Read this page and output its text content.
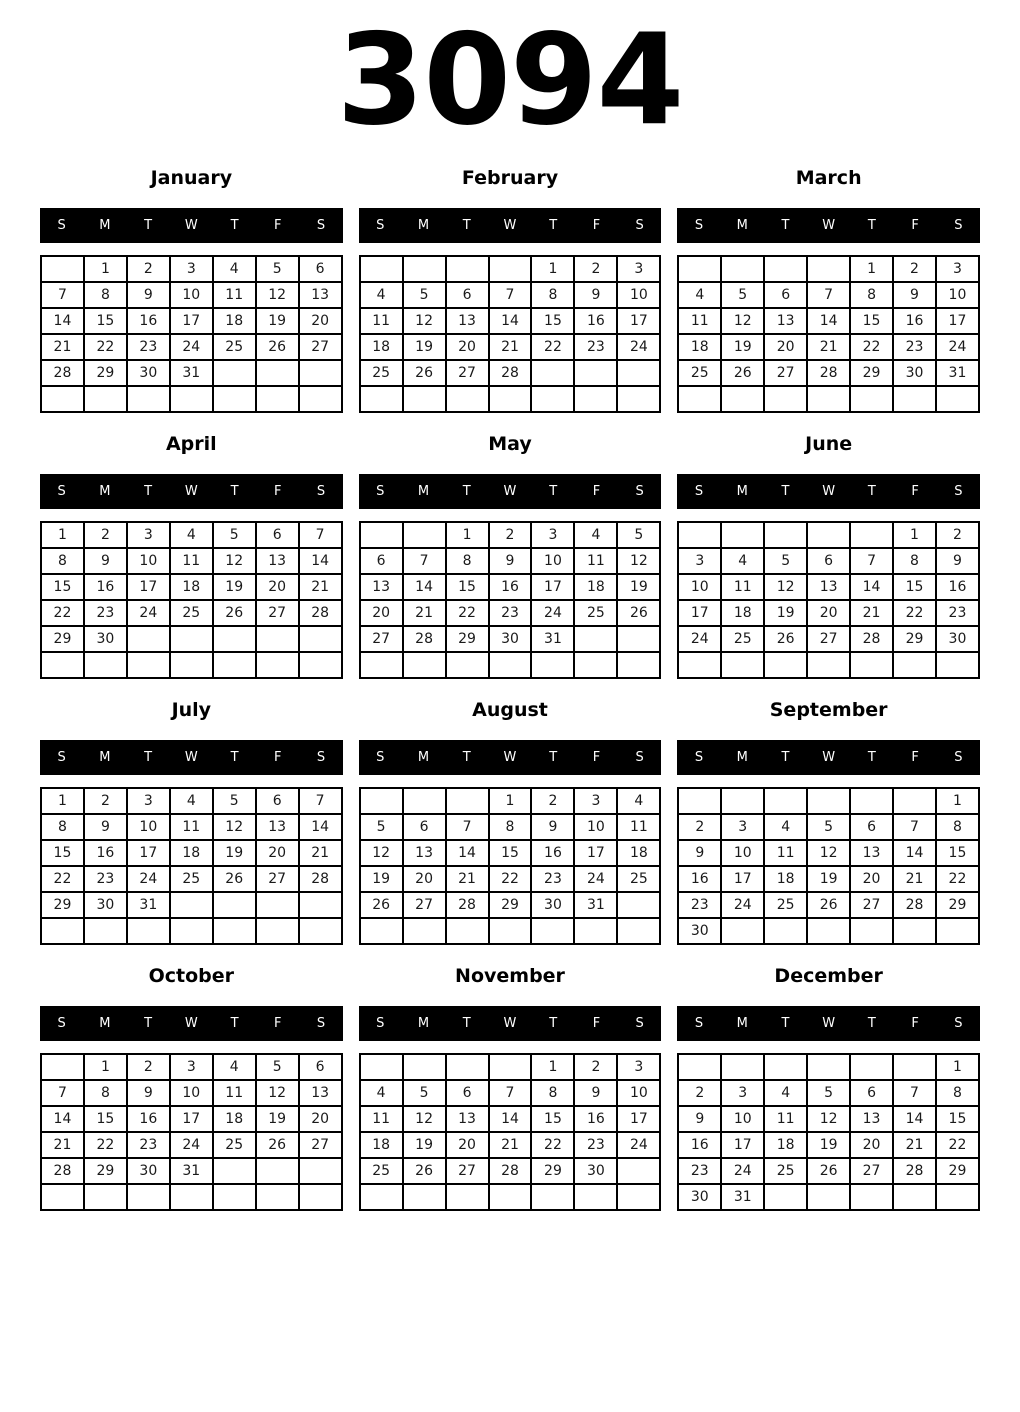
3094
January
S	M	T	W	T	F	S
	1	2	3	4	5	6
7	8	9	10	11	12	13
14	15	16	17	18	19	20
21	22	23	24	25	26	27
28	29	30	31			

February
S	M	T	W	T	F	S
				1	2	3
4	5	6	7	8	9	10
11	12	13	14	15	16	17
18	19	20	21	22	23	24
25	26	27	28			

March
S	M	T	W	T	F	S
				1	2	3
4	5	6	7	8	9	10
11	12	13	14	15	16	17
18	19	20	21	22	23	24
25	26	27	28	29	30	31

April
S	M	T	W	T	F	S
1	2	3	4	5	6	7
8	9	10	11	12	13	14
15	16	17	18	19	20	21
22	23	24	25	26	27	28
29	30					

May
S	M	T	W	T	F	S
		1	2	3	4	5
6	7	8	9	10	11	12
13	14	15	16	17	18	19
20	21	22	23	24	25	26
27	28	29	30	31		

June
S	M	T	W	T	F	S
					1	2
3	4	5	6	7	8	9
10	11	12	13	14	15	16
17	18	19	20	21	22	23
24	25	26	27	28	29	30

July
S	M	T	W	T	F	S
1	2	3	4	5	6	7
8	9	10	11	12	13	14
15	16	17	18	19	20	21
22	23	24	25	26	27	28
29	30	31				

August
S	M	T	W	T	F	S
			1	2	3	4
5	6	7	8	9	10	11
12	13	14	15	16	17	18
19	20	21	22	23	24	25
26	27	28	29	30	31	

September
S	M	T	W	T	F	S
						1
2	3	4	5	6	7	8
9	10	11	12	13	14	15
16	17	18	19	20	21	22
23	24	25	26	27	28	29
30						
October
S	M	T	W	T	F	S
	1	2	3	4	5	6
7	8	9	10	11	12	13
14	15	16	17	18	19	20
21	22	23	24	25	26	27
28	29	30	31			

November
S	M	T	W	T	F	S
				1	2	3
4	5	6	7	8	9	10
11	12	13	14	15	16	17
18	19	20	21	22	23	24
25	26	27	28	29	30	

December
S	M	T	W	T	F	S
						1
2	3	4	5	6	7	8
9	10	11	12	13	14	15
16	17	18	19	20	21	22
23	24	25	26	27	28	29
30	31					
